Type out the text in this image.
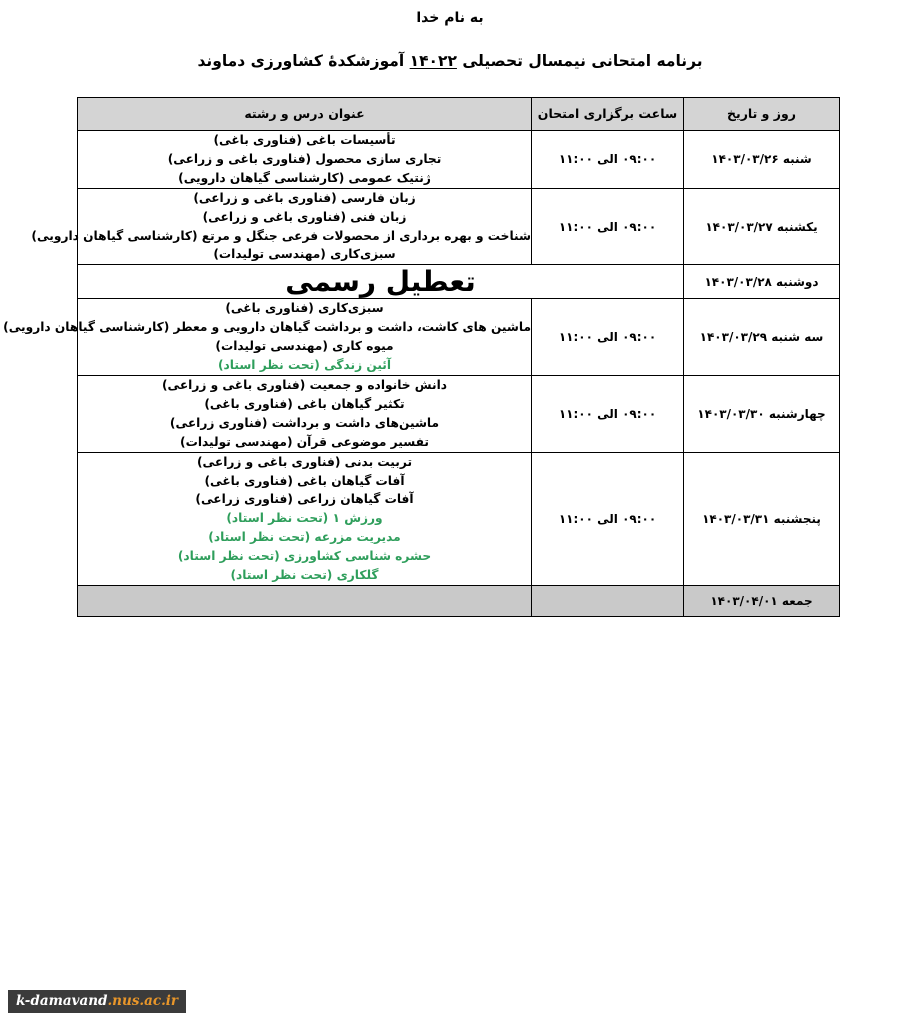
به نام خدا
برنامه امتحانی نیمسال تحصیلی ۱۴۰۲۲ آموزشکدهٔ کشاورزی دماوند
روز و تاریخ	ساعت برگزاری امتحان	عنوان درس و رشته
شنبه ۱۴۰۳/۰۳/۲۶	۰۹:۰۰ الی ۱۱:۰۰	تأسیسات باغی (فناوری باغی)
تجاری سازی محصول (فناوری باغی و زراعی)
ژنتیک عمومی (کارشناسی گیاهان دارویی)

یکشنبه ۱۴۰۳/۰۳/۲۷	۰۹:۰۰ الی ۱۱:۰۰	زبان فارسی (فناوری باغی و زراعی)
زبان فنی (فناوری باغی و زراعی)
شناخت و بهره برداری از محصولات فرعی جنگل و مرتع (کارشناسی گیاهان دارویی)
سبزی‌کاری (مهندسی تولیدات)

دوشنبه ۱۴۰۳/۰۳/۲۸	تعطیل رسمی	
سه شنبه ۱۴۰۳/۰۳/۲۹	۰۹:۰۰ الی ۱۱:۰۰	سبزی‌کاری (فناوری باغی)
ماشین های کاشت، داشت و برداشت گیاهان دارویی و معطر (کارشناسی گیاهان دارویی)
میوه کاری (مهندسی تولیدات)
آئین زندگی (تحت نظر استاد)

چهارشنبه ۱۴۰۳/۰۳/۳۰	۰۹:۰۰ الی ۱۱:۰۰	دانش خانواده و جمعیت (فناوری باغی و زراعی)
تکثیر گیاهان باغی (فناوری باغی)
ماشین‌های داشت و برداشت (فناوری زراعی)
تفسیر موضوعی قرآن (مهندسی تولیدات)

پنجشنبه ۱۴۰۳/۰۳/۳۱	۰۹:۰۰ الی ۱۱:۰۰	
تربیت بدنی (فناوری باغی و زراعی)
آفات گیاهان باغی (فناوری باغی)
آفات گیاهان زراعی (فناوری زراعی)
ورزش ۱ (تحت نظر استاد)
مدیریت مزرعه (تحت نظر استاد)
حشره شناسی کشاورزی (تحت نظر استاد)
گلکاری (تحت نظر استاد)

جمعه ۱۴۰۳/۰۴/۰۱		
k-damavand.nus.ac.ir
